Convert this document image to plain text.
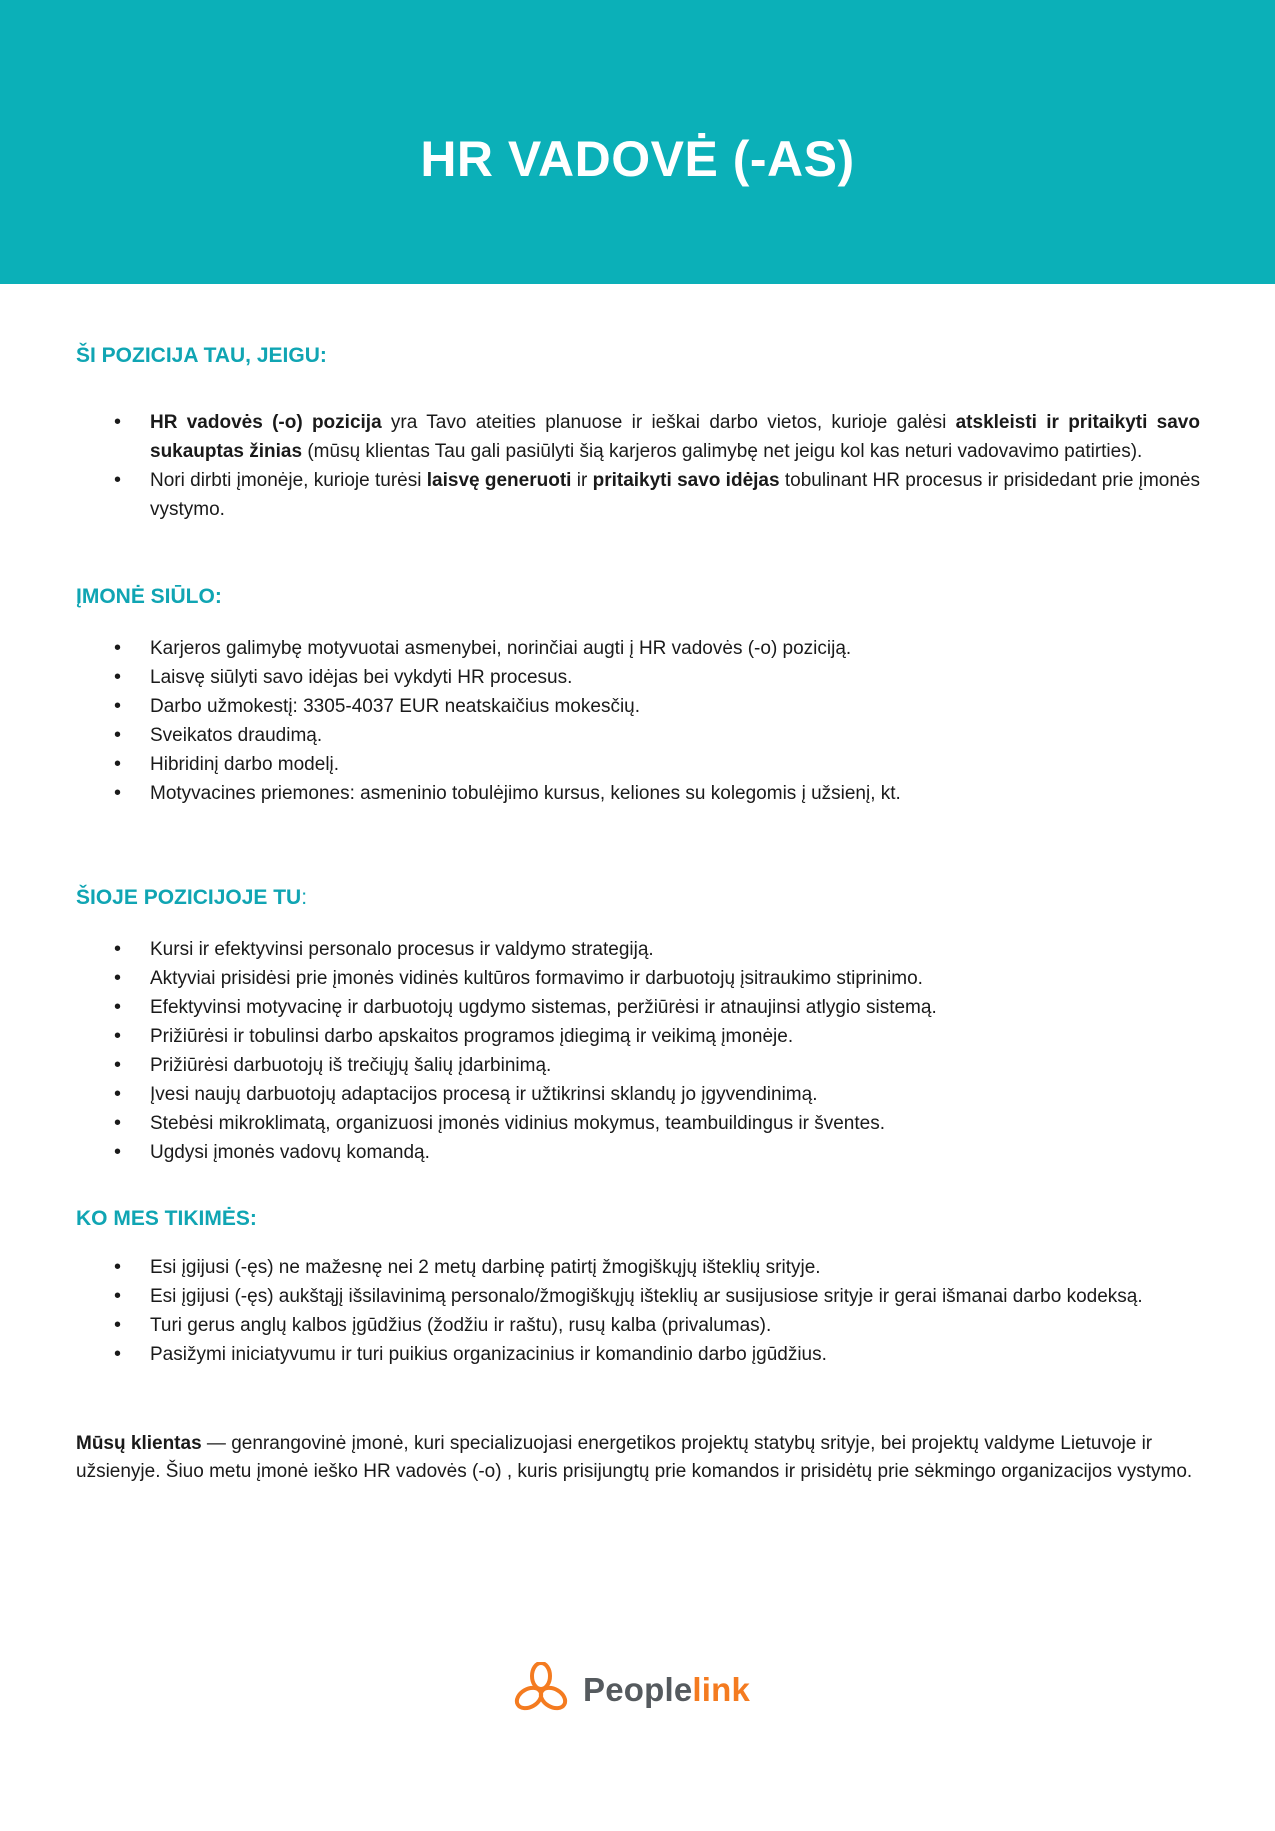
HR VADOVĖ (-AS)
ŠI POZICIJA TAU, JEIGU:
• HR vadovės (-o) pozicija yra Tavo ateities planuose ir ieškai darbo vietos, kurioje galėsi atskleisti ir pritaikyti savo sukauptas žinias (mūsų klientas Tau gali pasiūlyti šią karjeros galimybę net jeigu kol kas neturi vadovavimo patirties).
• Nori dirbti įmonėje, kurioje turėsi laisvę generuoti ir pritaikyti savo idėjas tobulinant HR procesus ir prisidedant prie įmonės vystymo.
ĮMONĖ SIŪLO:
• Karjeros galimybę motyvuotai asmenybei, norinčiai augti į HR vadovės (-o) poziciją.
• Laisvę siūlyti savo idėjas bei vykdyti HR procesus.
• Darbo užmokestį: 3305-4037 EUR neatskaičius mokesčių.
• Sveikatos draudimą.
• Hibridinį darbo modelį.
• Motyvacines priemones: asmeninio tobulėjimo kursus, keliones su kolegomis į užsienį, kt.
ŠIOJE POZICIJOJE TU:
• Kursi ir efektyvinsi personalo procesus ir valdymo strategiją.
• Aktyviai prisidėsi prie įmonės vidinės kultūros formavimo ir darbuotojų įsitraukimo stiprinimo.
• Efektyvinsi motyvacinę ir darbuotojų ugdymo sistemas, peržiūrėsi ir atnaujinsi atlygio sistemą.
• Prižiūrėsi ir tobulinsi darbo apskaitos programos įdiegimą ir veikimą įmonėje.
• Prižiūrėsi darbuotojų iš trečiųjų šalių įdarbinimą.
• Įvesi naujų darbuotojų adaptacijos procesą ir užtikrinsi sklandų jo įgyvendinimą.
• Stebėsi mikroklimatą, organizuosi įmonės vidinius mokymus, teambuildingus ir šventes.
• Ugdysi įmonės vadovų komandą.
KO MES TIKIMĖS:
• Esi įgijusi (-ęs) ne mažesnę nei 2 metų darbinę patirtį žmogiškųjų išteklių srityje.
• Esi įgijusi (-ęs) aukštąjį išsilavinimą personalo/žmogiškųjų išteklių ar susijusiose srityje ir gerai išmanai darbo kodeksą.
• Turi gerus anglų kalbos įgūdžius (žodžiu ir raštu), rusų kalba (privalumas).
• Pasižymi iniciatyvumu ir turi puikius organizacinius ir komandinio darbo įgūdžius.

Mūsų klientas — genrangovinė įmonė, kuri specializuojasi energetikos projektų statybų srityje, bei projektų valdyme Lietuvoje ir užsienyje. Šiuo metu įmonė ieško HR vadovės (-o) , kuris prisijungtų prie komandos ir prisidėtų prie sėkmingo organizacijos vystymo.

Peoplelink
